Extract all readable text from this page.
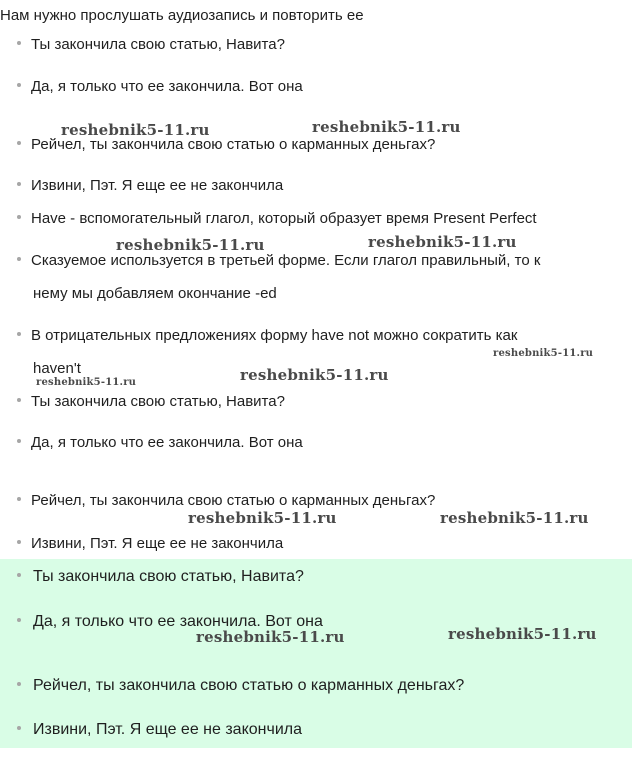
Нам нужно прослушать аудиозапись и повторить ее
Ты закончила свою статью, Навита?
Да, я только что ее закончила. Вот она
Рейчел, ты закончила свою статью о карманных деньгах?
Извини, Пэт. Я еще ее не закончила
Have - вспомогательный глагол, который образует время Present Perfect
Сказуемое используется в третьей форме. Если глагол правильный, то к
нему мы добавляем окончание -ed
В отрицательных предложениях форму have not можно сократить как
haven't
Ты закончила свою статью, Навита?
Да, я только что ее закончила. Вот она
Рейчел, ты закончила свою статью о карманных деньгах?
Извини, Пэт. Я еще ее не закончила
Ты закончила свою статью, Навита?
Да, я только что ее закончила. Вот она
Рейчел, ты закончила свою статью о карманных деньгах?
Извини, Пэт. Я еще ее не закончила
reshebnik5-11.ru	reshebnik5-11.ru
reshebnik5-11.ru	reshebnik5-11.ru
reshebnik5-11.ru
reshebnik5-11.ru
reshebnik5-11.ru
reshebnik5-11.ru	reshebnik5-11.ru
reshebnik5-11.ru	reshebnik5-11.ru
